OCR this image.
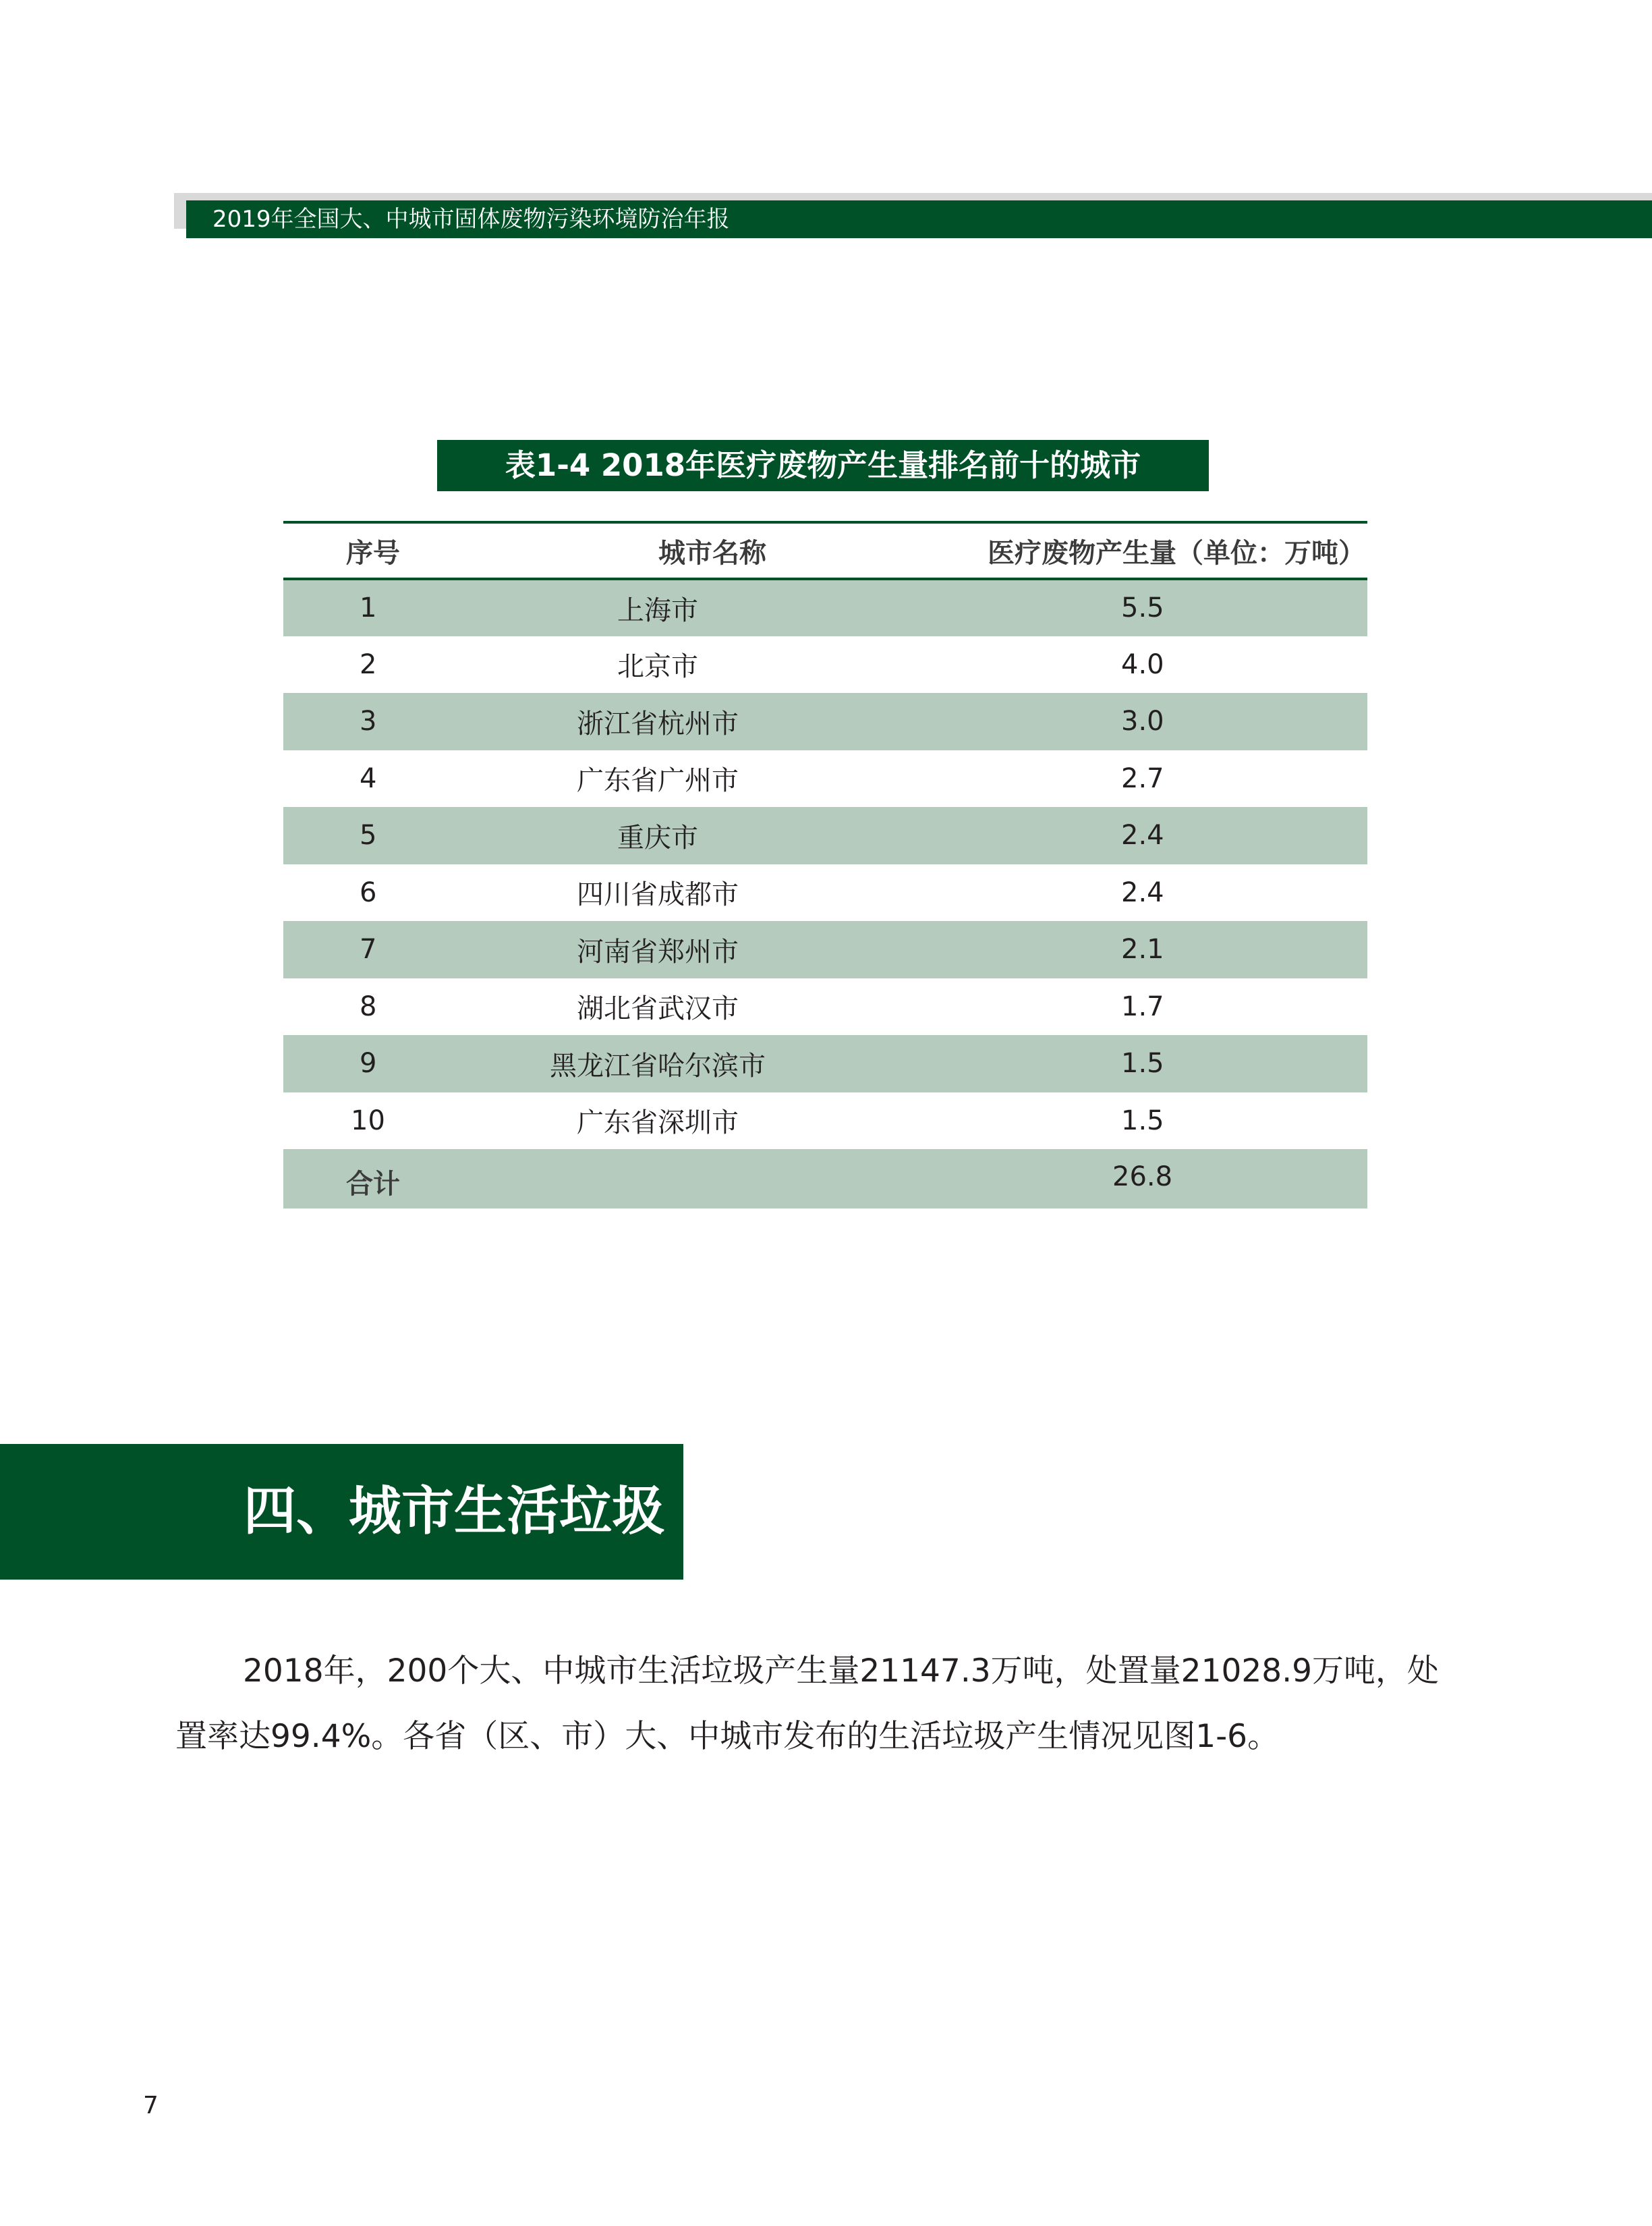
2019年全国大、中城市固体废物污染环境防治年报
表1-4 2018年医疗废物产生量排名前十的城市
序号	城市名称	医疗废物产生量（单位：万吨）
1	上海市	5.5
2	北京市	4.0
3	浙江省杭州市	3.0
4	广东省广州市	2.7
5	重庆市	2.4
6	四川省成都市	2.4
7	河南省郑州市	2.1
8	湖北省武汉市	1.7
9	黑龙江省哈尔滨市	1.5
10	广东省深圳市	1.5
合计		26.8
四、城市生活垃圾

2018年，200个大、中城市生活垃圾产生量21147.3万吨，处置量21028.9万吨，处置率达99.4%。各省（区、市）大、中城市发布的生活垃圾产生情况见图1-6。

7
